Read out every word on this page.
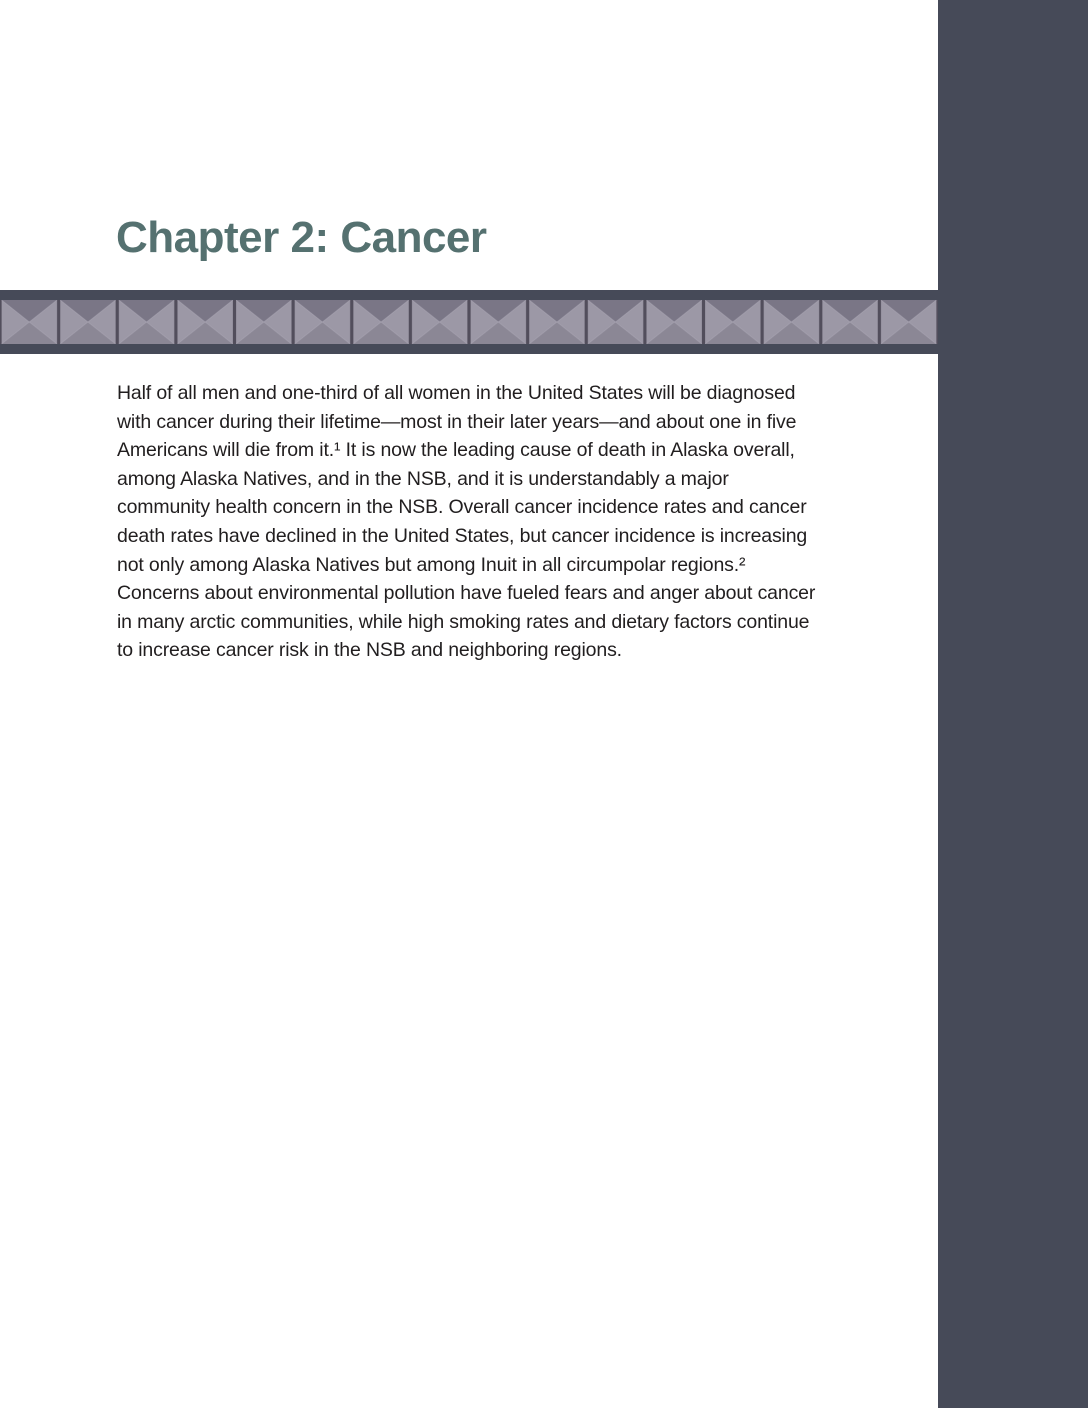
Chapter 2: Cancer

Half of all men and one-third of all women in the United States will be diagnosed with cancer during their lifetime—most in their later years—and about one in five Americans will die from it.¹ It is now the leading cause of death in Alaska overall, among Alaska Natives, and in the NSB, and it is understandably a major community health concern in the NSB. Overall cancer incidence rates and cancer death rates have declined in the United States, but cancer incidence is increasing not only among Alaska Natives but among Inuit in all circumpolar regions.² Concerns about environmental pollution have fueled fears and anger about cancer in many arctic communities, while high smoking rates and dietary factors continue to increase cancer risk in the NSB and neighboring regions.
